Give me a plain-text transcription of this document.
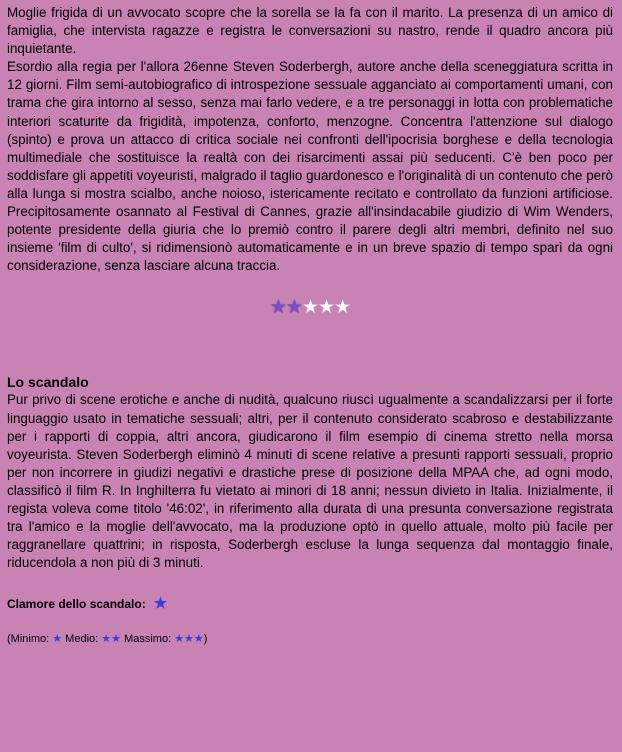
Moglie frigida di un avvocato scopre che la sorella se la fa con il marito. La presenza di un amico di famiglia, che intervista ragazze e registra le conversazioni su nastro, rende il quadro ancora più inquietante.

Esordio alla regia per l'allora 26enne Steven Soderbergh, autore anche della sceneggiatura scritta in 12 giorni. Film semi-autobiografico di introspezione sessuale agganciato ai comportamenti umani, con trama che gira intorno al sesso, senza mai farlo vedere, e a tre personaggi in lotta con problematiche interiori scaturite da frigidità, impotenza, conforto, menzogne. Concentra l'attenzione sul dialogo (spinto) e prova un attacco di critica sociale nei confronti dell'ipocrisia borghese e della tecnologia multimediale che sostituisce la realtà con dei risarcimenti assai più seducenti. C'è ben poco per soddisfare gli appetiti voyeuristi, malgrado il taglio guardonesco e l'originalità di un contenuto che però alla lunga si mostra scialbo, anche noioso, istericamente recitato e controllato da funzioni artificiose. Precipitosamente osannato al Festival di Cannes, grazie all'insindacabile giudizio di Wim Wenders, potente presidente della giuria che lo premiò contro il parere degli altri membri, definito nel suo insieme 'film di culto', si ridimensionò automaticamente e in un breve spazio di tempo sparì da ogni considerazione, senza lasciare alcuna traccia.

★★★★★
Lo scandalo

Pur privo di scene erotiche e anche di nudità, qualcuno riuscì ugualmente a scandalizzarsi per il forte linguaggio usato in tematiche sessuali; altri, per il contenuto considerato scabroso e destabilizzante per i rapporti di coppia, altri ancora, giudicarono il film esempio di cinema stretto nella morsa voyeurista. Steven Soderbergh eliminò 4 minuti di scene relative a presunti rapporti sessuali, proprio per non incorrere in giudizi negativi e drastiche prese di posizione della MPAA che, ad ogni modo, classificò il film R. In Inghilterra fu vietato ai minori di 18 anni; nessun divieto in Italia. Inizialmente, il regista voleva come titolo '46:02', in riferimento alla durata di una presunta conversazione registrata tra l'amico e la moglie dell'avvocato, ma la produzione optò in quello attuale, molto più facile per raggranellare quattrini; in risposta, Soderbergh escluse la lunga sequenza dal montaggio finale, riducendola a non più di 3 minuti.

Clamore dello scandalo: ★
(Minimo: ★ Medio: ★★ Massimo: ★★★)
